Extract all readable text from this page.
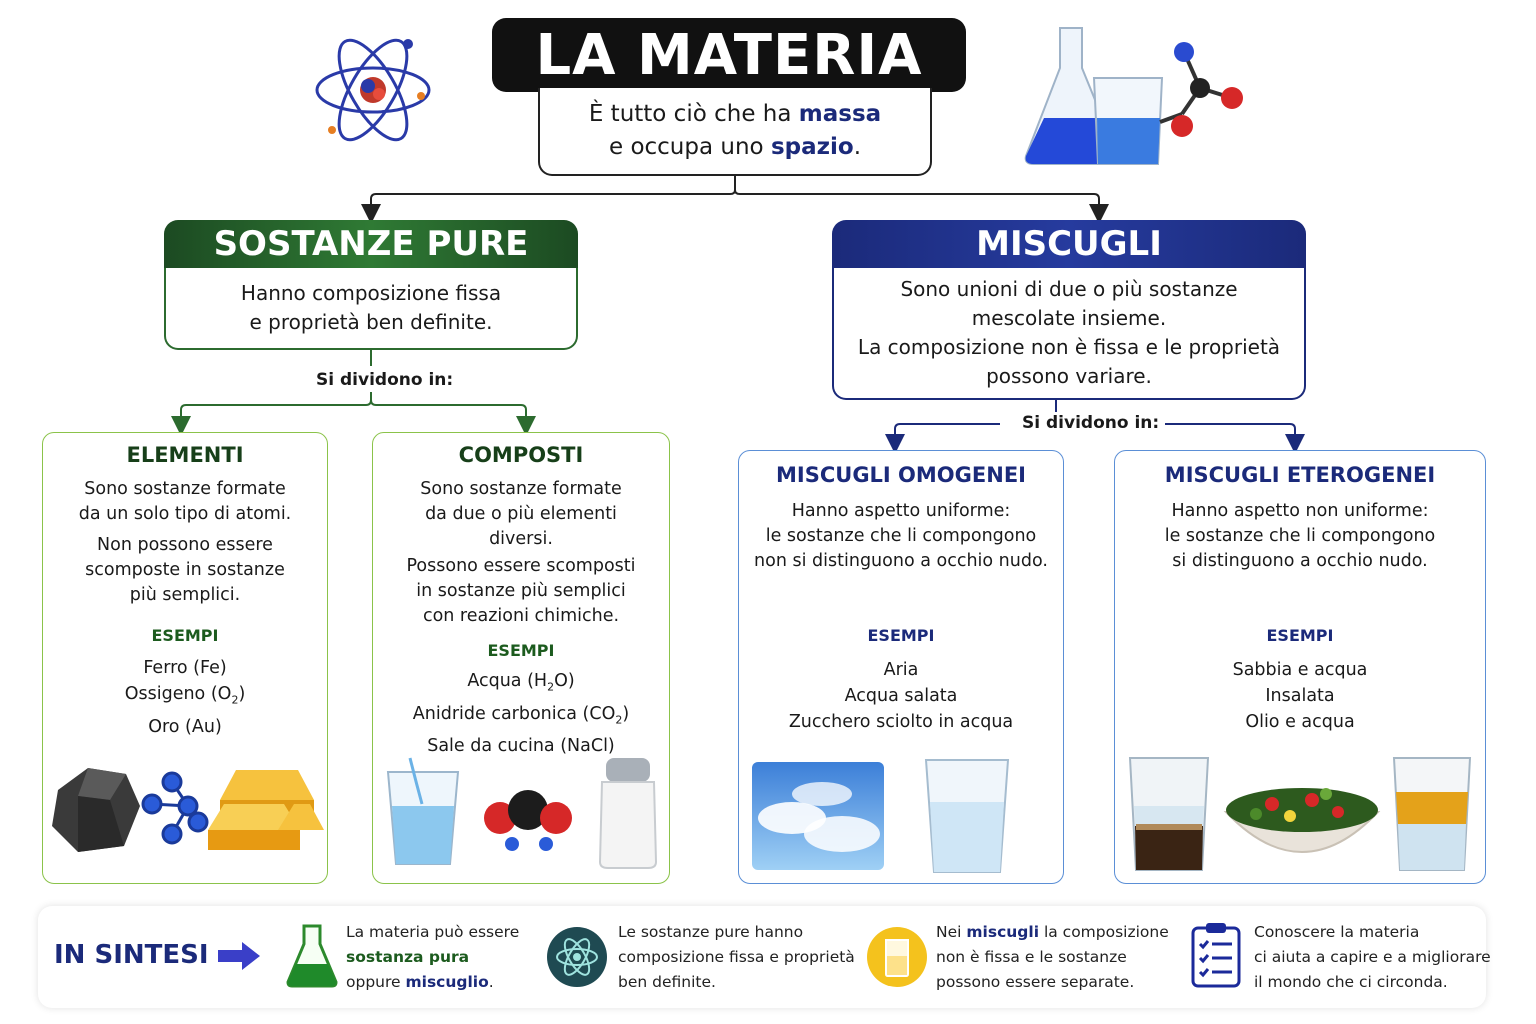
LA MATERIA
È tutto ciò che ha massa
e occupa uno spazio.
SOSTANZE PURE
Hanno composizione fissa
e proprietà ben definite.
Si dividono in:
MISCUGLI
Sono unioni di due o più sostanze
mescolate insieme.
La composizione non è fissa e le proprietà
possono variare.
Si dividono in:
ELEMENTI
Sono sostanze formate
da un solo tipo di atomi.
Non possono essere
scomposte in sostanze
più semplici.
ESEMPI
Ferro (Fe)
Ossigeno $(O_2)$
Oro (Au)
COMPOSTI
Sono sostanze formate
da due o più elementi
diversi.
Possono essere scomposti
in sostanze più semplici
con reazioni chimiche.
ESEMPI
Acqua $(H_2O)$
Anidride carbonica $(CO_2)$
Sale da cucina (NaCl)
MISCUGLI OMOGENEI
Hanno aspetto uniforme:
le sostanze che li compongono
non si distinguono a occhio nudo.
ESEMPI
Aria
Acqua salata
Zucchero sciolto in acqua
MISCUGLI ETEROGENEI
Hanno aspetto non uniforme:
le sostanze che li compongono
si distinguono a occhio nudo.
ESEMPI
Sabbia e acqua
Insalata
Olio e acqua
IN SINTESI
La materia può essere
sostanza pura
oppure miscuglio.
Le sostanze pure hanno
composizione fissa e proprietà
ben definite.
Nei miscugli la composizione
non è fissa e le sostanze
possono essere separate.
Conoscere la materia
ci aiuta a capire e a migliorare
il mondo che ci circonda.
